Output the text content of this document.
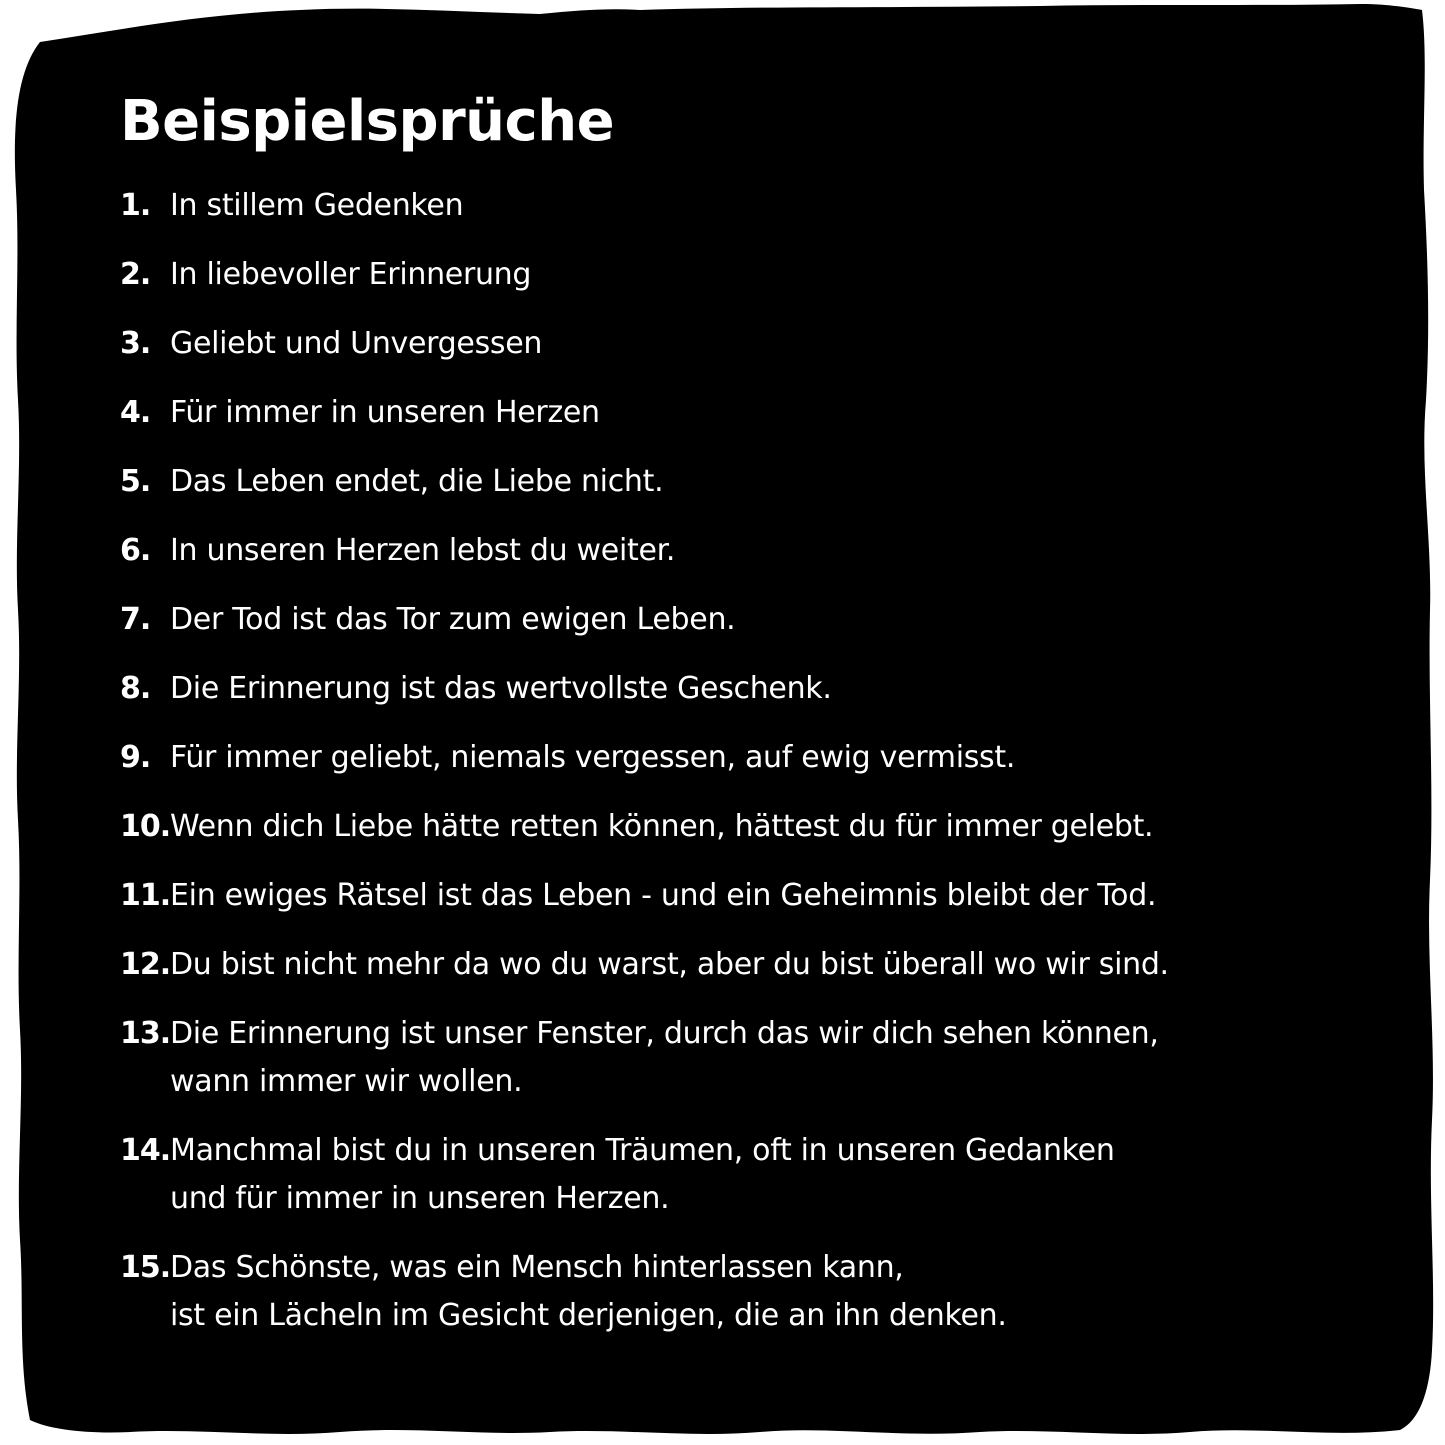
Beispielsprüche
1. In stillem Gedenken
2. In liebevoller Erinnerung
3. Geliebt und Unvergessen
4. Für immer in unseren Herzen
5. Das Leben endet, die Liebe nicht.
6. In unseren Herzen lebst du weiter.
7. Der Tod ist das Tor zum ewigen Leben.
8. Die Erinnerung ist das wertvollste Geschenk.
9. Für immer geliebt, niemals vergessen, auf ewig vermisst.
10. Wenn dich Liebe hätte retten können, hättest du für immer gelebt.
11. Ein ewiges Rätsel ist das Leben - und ein Geheimnis bleibt der Tod.
12. Du bist nicht mehr da wo du warst, aber du bist überall wo wir sind.
13. Die Erinnerung ist unser Fenster, durch das wir dich sehen können,
wann immer wir wollen.
14. Manchmal bist du in unseren Träumen, oft in unseren Gedanken
und für immer in unseren Herzen.
15. Das Schönste, was ein Mensch hinterlassen kann,
ist ein Lächeln im Gesicht derjenigen, die an ihn denken.
